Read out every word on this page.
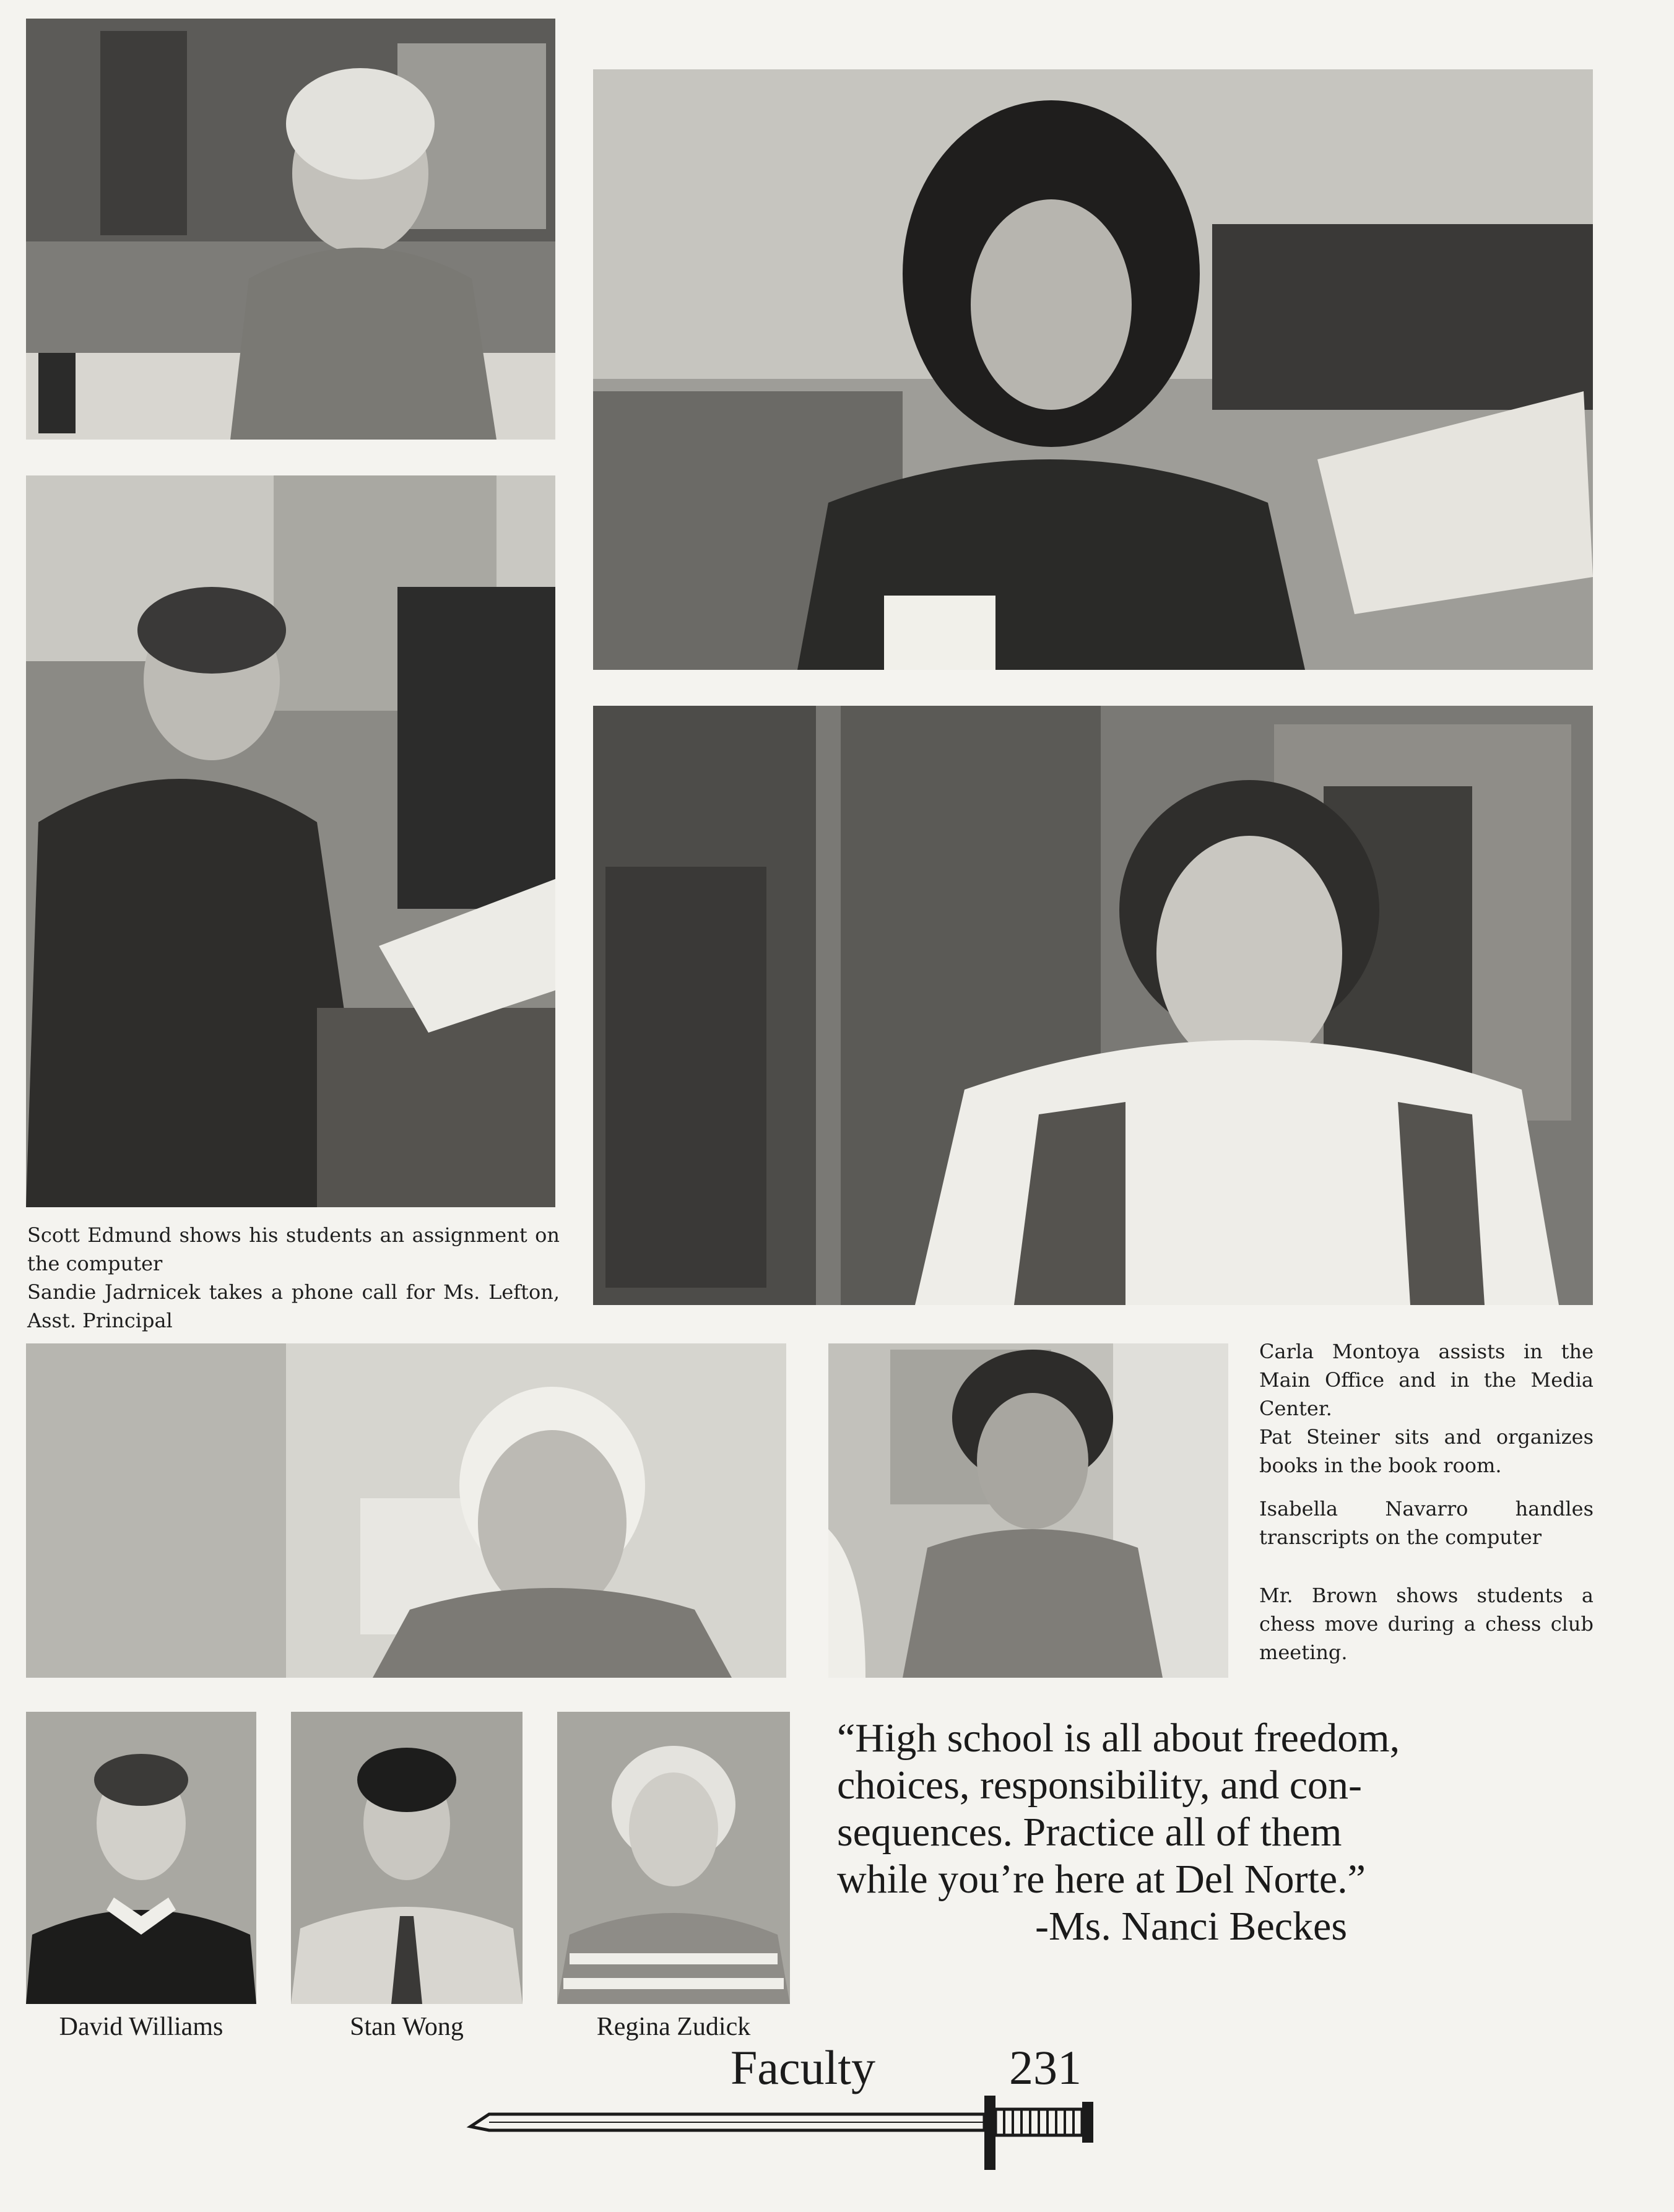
Scott Edmund shows his students an assignment on the computer

Sandie Jadrnicek takes a phone call for Ms. Lefton, Asst. Principal

Carla Montoya assists in the Main Office and in the Media Center.

Pat Steiner sits and organizes books in the book room.

Isabella Navarro handles transcripts on the computer

Mr. Brown shows students a chess move during a chess club meeting.

David Williams	Stan Wong	Regina Zudick
“High school is all about freedom,
choices, responsibility, and con-
sequences. Practice all of them
while you’re here at Del Norte.”
-Ms. Nanci Beckes
Faculty	231
